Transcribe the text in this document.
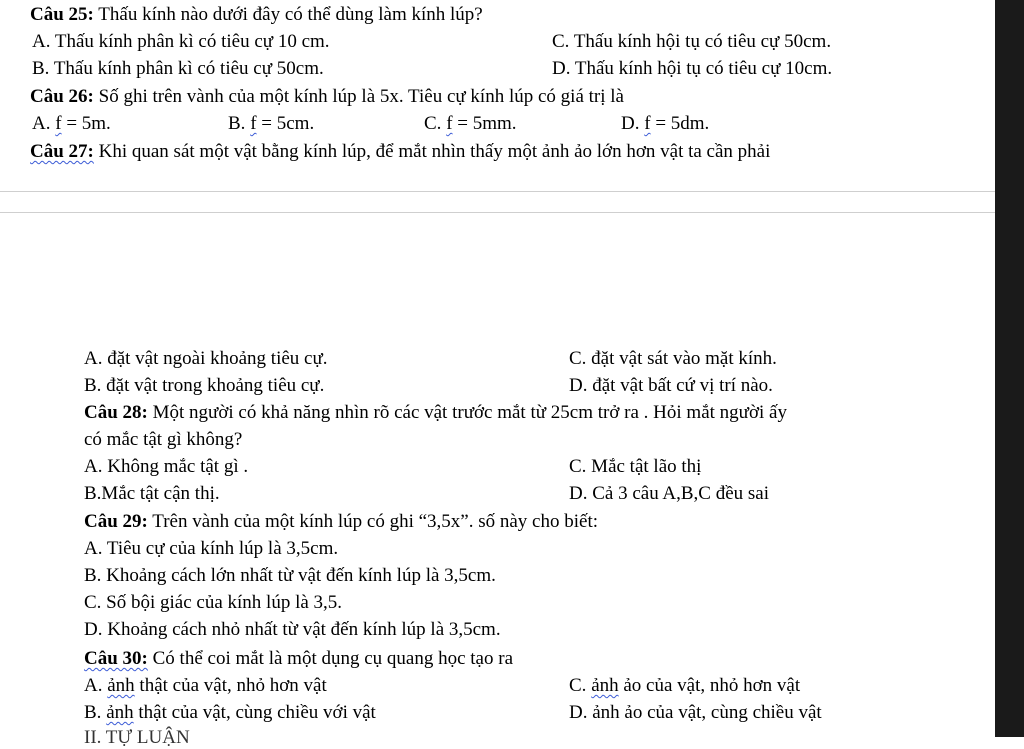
Câu 25: Thấu kính nào dưới đây có thể dùng làm kính lúp?
A. Thấu kính phân kì có tiêu cự 10 cm.	C. Thấu kính hội tụ có tiêu cự 50cm.
B. Thấu kính phân kì có tiêu cự 50cm.	D. Thấu kính hội tụ có tiêu cự 10cm.
Câu 26: Số ghi trên vành của một kính lúp là 5x. Tiêu cự kính lúp có giá trị là
A. f = 5m.	B. f = 5cm.	C. f = 5mm.	D. f = 5dm.
Câu 27: Khi quan sát một vật bằng kính lúp, để mắt nhìn thấy một ảnh ảo lớn hơn vật ta cần phải
A. đặt vật ngoài khoảng tiêu cự.	C. đặt vật sát vào mặt kính.
B. đặt vật trong khoảng tiêu cự.	D. đặt vật bất cứ vị trí nào.
Câu 28: Một người có khả năng nhìn rõ các vật trước mắt từ 25cm trở ra . Hỏi mắt người ấy
có mắc tật gì không?
A. Không mắc tật gì .	C. Mắc tật lão thị
B.Mắc tật cận thị.	D. Cả 3 câu A,B,C đều sai
Câu 29: Trên vành của một kính lúp có ghi “3,5x”. số này cho biết:
A. Tiêu cự của kính lúp là 3,5cm.
B. Khoảng cách lớn nhất từ vật đến kính lúp là 3,5cm.
C. Số bội giác của kính lúp là 3,5.
D. Khoảng cách nhỏ nhất từ vật đến kính lúp là 3,5cm.
Câu 30: Có thể coi mắt là một dụng cụ quang học tạo ra
A. ảnh thật của vật, nhỏ hơn vật	C. ảnh ảo của vật, nhỏ hơn vật
B. ảnh thật của vật, cùng chiều với vật	D. ảnh ảo của vật, cùng chiều vật
II. TỰ LUẬN
